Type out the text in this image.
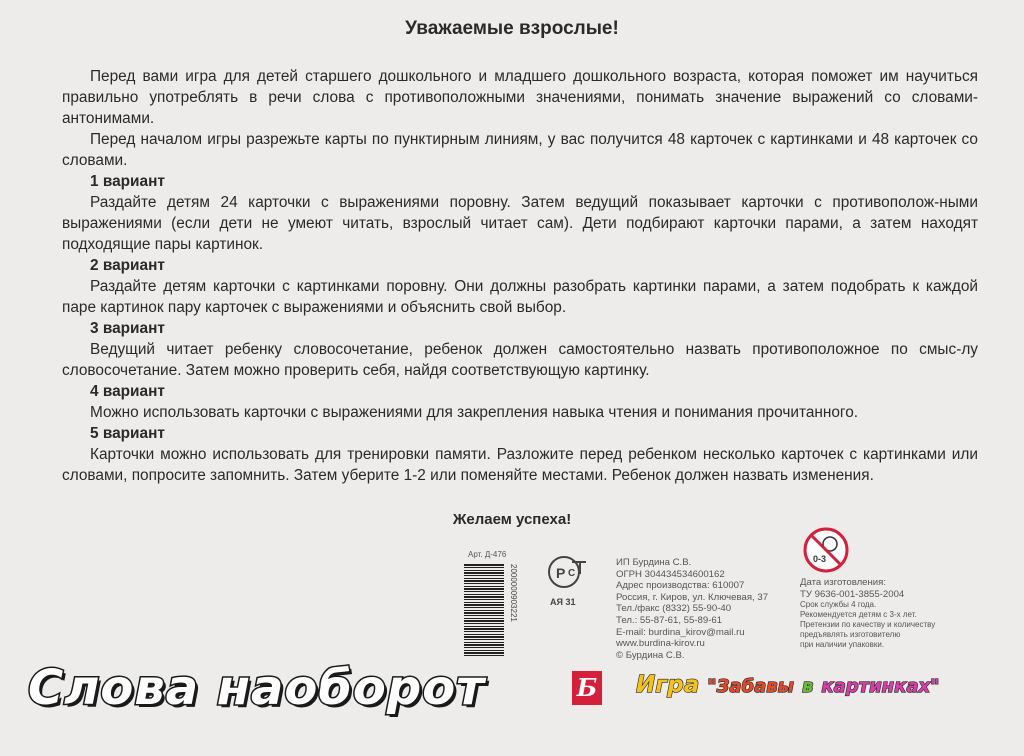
Уважаемые взрослые!

Перед вами игра для детей старшего дошкольного и младшего дошкольного возраста, которая поможет им научиться правильно употреблять в речи слова с противоположными значениями, понимать значение выражений со словами-антонимами.

Перед началом игры разрежьте карты по пунктирным линиям, у вас получится 48 карточек с картинками и 48 карточек со словами.

1 вариант

Раздайте детям 24 карточки с выражениями поровну. Затем ведущий показывает карточки с противополож-ными выражениями (если дети не умеют читать, взрослый читает сам). Дети подбирают карточки парами, а затем находят подходящие пары картинок.

2 вариант

Раздайте детям карточки с картинками поровну. Они должны разобрать картинки парами, а затем подобрать к каждой паре картинок пару карточек с выражениями и объяснить свой выбор.

3 вариант

Ведущий читает ребенку словосочетание, ребенок должен самостоятельно назвать противоположное по смыс-лу словосочетание. Затем можно проверить себя, найдя соответствующую картинку.

4 вариант

Можно использовать карточки с выражениями для закрепления навыка чтения и понимания прочитанного.

5 вариант

Карточки можно использовать для тренировки памяти. Разложите перед ребенком несколько карточек с картинками или словами, попросите запомнить. Затем уберите 1-2 или поменяйте местами. Ребенок должен назвать изменения.

Желаем успеха!
Арт. Д-476
2000000903221	Р С
АЯ 31
ИП Бурдина С.В.
ОГРН 304434534600162
Адрес производства: 610007
Россия, г. Киров, ул. Ключевая, 37
Тел./факс (8332) 55-90-40
Тел.: 55-87-61, 55-89-61
E-mail: burdina_kirov@mail.ru
www.burdina-kirov.ru
© Бурдина С.В.
0-3
Дата изготовления:
ТУ 9636-001-3855-2004
Срок службы 4 года.
Рекомендуется детям с 3-х лет.
Претензии по качеству и количеству
предъявлять изготовителю
при наличии упаковки.
Слова наоборот	Б Игра "Забавы в картинках"
